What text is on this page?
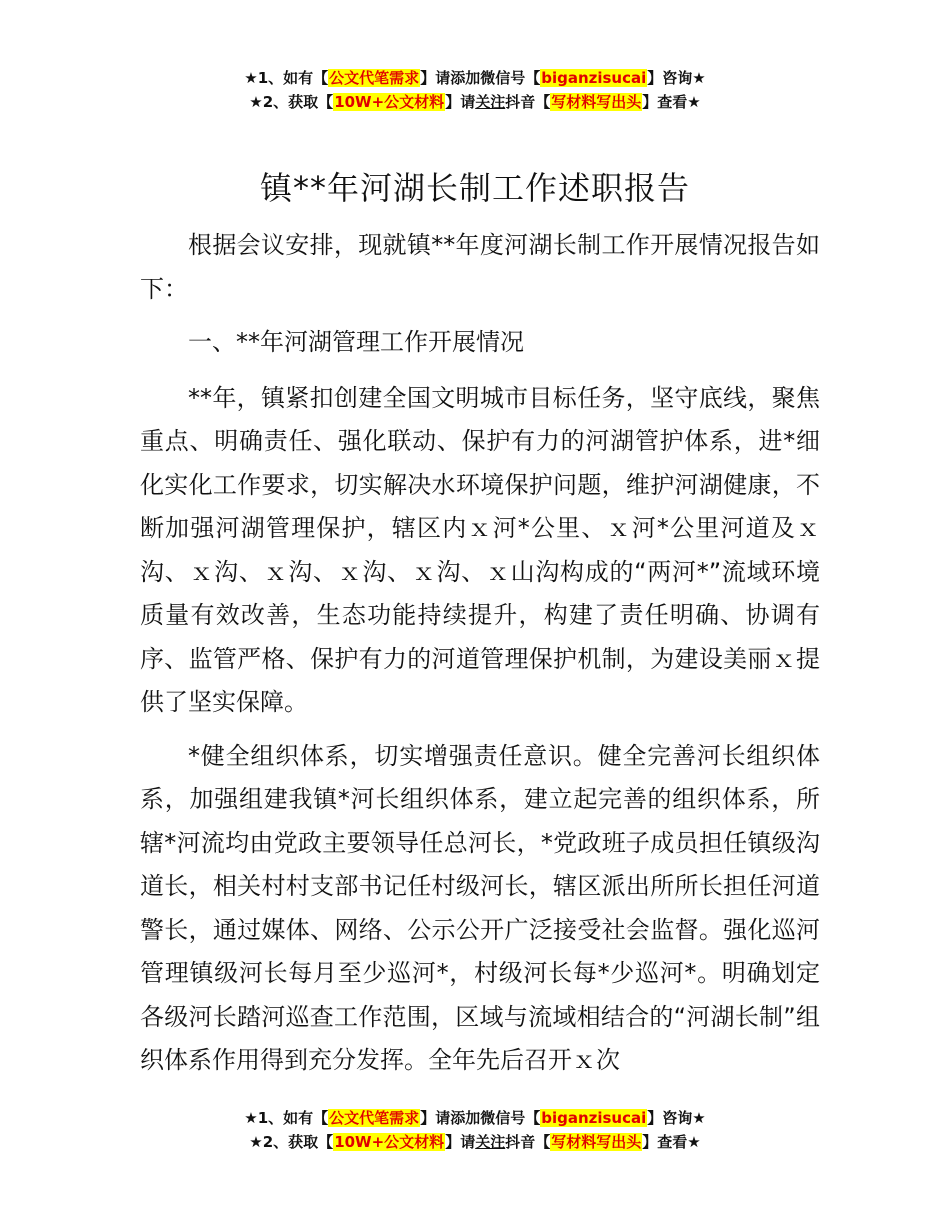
★1、如有【公文代笔需求】请添加微信号【biganzisucai】咨询★
★2、获取【10W+公文材料】请关注抖音【写材料写出头】查看★
镇**年河湖长制工作述职报告

根据会议安排，现就镇**年度河湖长制工作开展情况报告如下：

一、**年河湖管理工作开展情况

**年，镇紧扣创建全国文明城市目标任务，坚守底线，聚焦重点、明确责任、强化联动、保护有力的河湖管护体系，进*细化实化工作要求，切实解决水环境保护问题，维护河湖健康，不断加强河湖管理保护，辖区内ｘ河*公里、ｘ河*公里河道及ｘ沟、ｘ沟、ｘ沟、ｘ沟、ｘ沟、ｘ山沟构成的“两河*”流域环境质量有效改善，生态功能持续提升，构建了责任明确、协调有序、监管严格、保护有力的河道管理保护机制，为建设美丽ｘ提供了坚实保障。

*健全组织体系，切实增强责任意识。健全完善河长组织体系，加强组建我镇*河长组织体系，建立起完善的组织体系，所辖*河流均由党政主要领导任总河长，*党政班子成员担任镇级沟道长，相关村村支部书记任村级河长，辖区派出所所长担任河道警长，通过媒体、网络、公示公开广泛接受社会监督。强化巡河管理镇级河长每月至少巡河*，村级河长每*少巡河*。明确划定各级河长踏河巡查工作范围，区域与流域相结合的“河湖长制”组织体系作用得到充分发挥。全年先后召开ｘ次

★1、如有【公文代笔需求】请添加微信号【biganzisucai】咨询★
★2、获取【10W+公文材料】请关注抖音【写材料写出头】查看★
